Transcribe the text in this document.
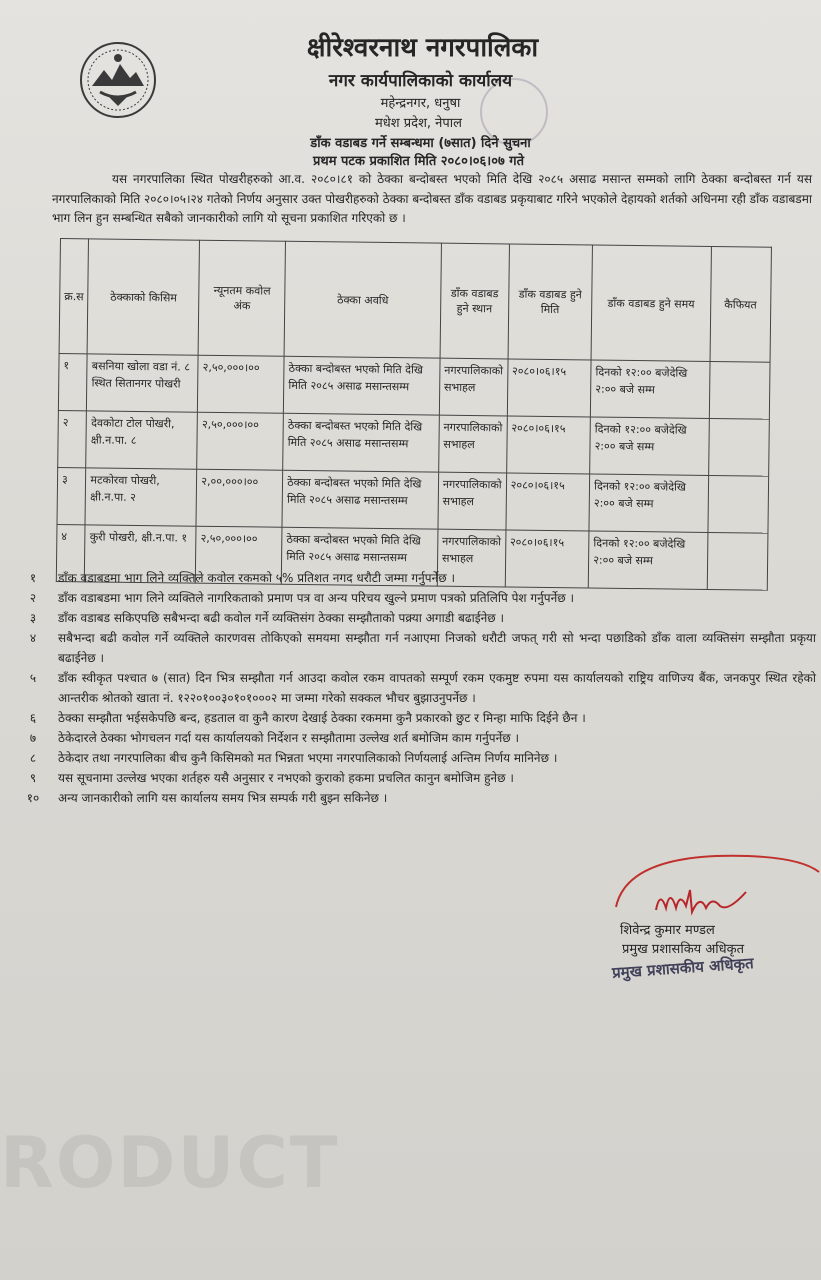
क्षीरेश्वरनाथ नगरपालिका
नगर कार्यपालिकाको कार्यालय
महेन्द्रनगर, धनुषा
मधेश प्रदेश, नेपाल
डाँक वडाबड गर्ने सम्बन्धमा (७सात) दिने सुचना
प्रथम पटक प्रकाशित मिति २०८०।०६।०७ गते
यस नगरपालिका स्थित पोखरीहरुको आ.व. २०८०।८१ को ठेक्का बन्दोबस्त भएको मिति देखि २०८५ असाढ मसान्त सम्मको लागि ठेक्का बन्दोबस्त गर्न यस नगरपालिकाको मिति २०८०।०५।२४ गतेको निर्णय अनुसार उक्त पोखरीहरुको ठेक्का बन्दोबस्त डाँक वडाबड प्रकृयाबाट गरिने भएकोले देहायको शर्तको अधिनमा रही डाँक वडाबडमा भाग लिन हुन सम्बन्धित सबैको जानकारीको लागि यो सूचना प्रकाशित गरिएको छ ।
क्र.स	ठेक्काको किसिम	न्यूनतम कवोल अंक	ठेक्का अवधि	डाँक वडाबड हुने स्थान	डाँक वडाबड हुने मिति	डाँक वडाबड हुने समय	कैफियत
१	बसनिया खोला वडा नं. ८ स्थित सितानगर पोखरी	२,५०,०००।००	ठेक्का बन्दोबस्त भएको मिति देखि मिति २०८५ असाढ मसान्तसम्म	नगरपालिकाको सभाहल	२०८०।०६।१५	दिनको १२:०० बजेदेखि २:०० बजे सम्म	
२	देवकोटा टोल पोखरी, क्षी.न.पा. ८	२,५०,०००।००	ठेक्का बन्दोबस्त भएको मिति देखि मिति २०८५ असाढ मसान्तसम्म	नगरपालिकाको सभाहल	२०८०।०६।१५	दिनको १२:०० बजेदेखि २:०० बजे सम्म	
३	मटकोरवा पोखरी, क्षी.न.पा. २	२,००,०००।००	ठेक्का बन्दोबस्त भएको मिति देखि मिति २०८५ असाढ मसान्तसम्म	नगरपालिकाको सभाहल	२०८०।०६।१५	दिनको १२:०० बजेदेखि २:०० बजे सम्म	
४	कुरी पोखरी, क्षी.न.पा. १	२,५०,०००।००	ठेक्का बन्दोबस्त भएको मिति देखि मिति २०८५ असाढ मसान्तसम्म	नगरपालिकाको सभाहल	२०८०।०६।१५	दिनको १२:०० बजेदेखि २:०० बजे सम्म	
१	डाँक वडाबडमा भाग लिने व्यक्तिले कवोल रकमको ५% प्रतिशत नगद धरौटी जम्मा गर्नुपर्नेछ ।
२	डाँक वडाबडमा भाग लिने व्यक्तिले नागरिकताको प्रमाण पत्र वा अन्य परिचय खुल्ने प्रमाण पत्रको प्रतिलिपि पेश गर्नुपर्नेछ ।
३	डाँक वडाबड सकिएपछि सबैभन्दा बढी कवोल गर्ने व्यक्तिसंग ठेक्का सम्झौताको पक्र्या अगाडी बढाईनेछ ।
४	सबैभन्दा बढी कवोल गर्ने व्यक्तिले कारणवस तोकिएको समयमा सम्झौता गर्न नआएमा निजको धरौटी जफत् गरी सो भन्दा पछाडिको डाँक वाला व्यक्तिसंग सम्झौता प्रकृया बढाईनेछ ।
५	डाँक स्वीकृत पश्चात ७ (सात) दिन भित्र सम्झौता गर्न आउदा कवोल रकम वापतको सम्पूर्ण रकम एकमुष्ट रुपमा यस कार्यालयको राष्ट्रिय वाणिज्य बैंक, जनकपुर स्थित रहेको आन्तरीक श्रोतको खाता नं. १२२०१००३०१०१०००२ मा जम्मा गरेको सक्कल भौचर बुझाउनुपर्नेछ ।
६	ठेक्का सम्झौता भईसकेपछि बन्द, हडताल वा कुनै कारण देखाई ठेक्का रकममा कुनै प्रकारको छुट र मिन्हा माफि दिईने छैन ।
७	ठेकेदारले ठेक्का भोगचलन गर्दा यस कार्यालयको निर्देशन र सम्झौतामा उल्लेख शर्त बमोजिम काम गर्नुपर्नेछ ।
८	ठेकेदार तथा नगरपालिका बीच कुनै किसिमको मत भिन्नता भएमा नगरपालिकाको निर्णयलाई अन्तिम निर्णय मानिनेछ ।
९	यस सूचनामा उल्लेख भएका शर्तहरु यसै अनुसार र नभएको कुराको हकमा प्रचलित कानुन बमोजिम हुनेछ ।
१०	अन्य जानकारीको लागि यस कार्यालय समय भित्र सम्पर्क गरी बुझ्न सकिनेछ ।
शिवेन्द्र कुमार मण्डल
प्रमुख प्रशासकिय अधिकृत
प्रमुख प्रशासकीय अधिकृत
RODUCT
